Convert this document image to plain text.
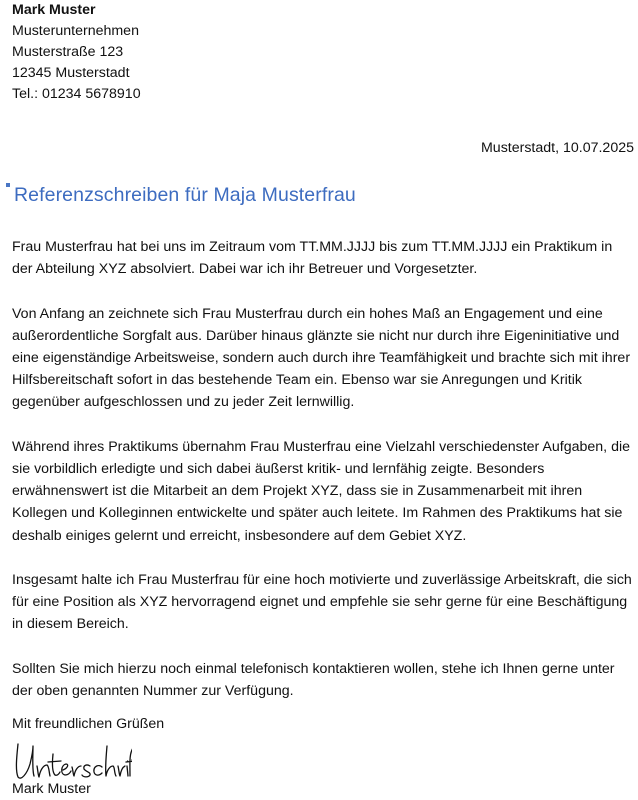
Mark Muster
Musterunternehmen
Musterstraße 123
12345 Musterstadt
Tel.: 01234 5678910
Musterstadt, 10.07.2025
Referenzschreiben für Maja Musterfrau

Frau Musterfrau hat bei uns im Zeitraum vom TT.MM.JJJJ bis zum TT.MM.JJJJ ein Praktikum in der Abteilung XYZ absolviert. Dabei war ich ihr Betreuer und Vorgesetzter.

Von Anfang an zeichnete sich Frau Musterfrau durch ein hohes Maß an Engagement und eine außerordentliche Sorgfalt aus. Darüber hinaus glänzte sie nicht nur durch ihre Eigeninitiative und eine eigenständige Arbeitsweise, sondern auch durch ihre Teamfähigkeit und brachte sich mit ihrer Hilfsbereitschaft sofort in das bestehende Team ein. Ebenso war sie Anregungen und Kritik gegenüber aufgeschlossen und zu jeder Zeit lernwillig.

Während ihres Praktikums übernahm Frau Musterfrau eine Vielzahl verschiedenster Aufgaben, die sie vorbildlich erledigte und sich dabei äußerst kritik- und lernfähig zeigte. Besonders erwähnenswert ist die Mitarbeit an dem Projekt XYZ, dass sie in Zusammenarbeit mit ihren Kollegen und Kolleginnen entwickelte und später auch leitete. Im Rahmen des Praktikums hat sie deshalb einiges gelernt und erreicht, insbesondere auf dem Gebiet XYZ.

Insgesamt halte ich Frau Musterfrau für eine hoch motivierte und zuverlässige Arbeitskraft, die sich für eine Position als XYZ hervorragend eignet und empfehle sie sehr gerne für eine Beschäftigung in diesem Bereich.

Sollten Sie mich hierzu noch einmal telefonisch kontaktieren wollen, stehe ich Ihnen gerne unter der oben genannten Nummer zur Verfügung.

Mit freundlichen Grüßen
Mark Muster
